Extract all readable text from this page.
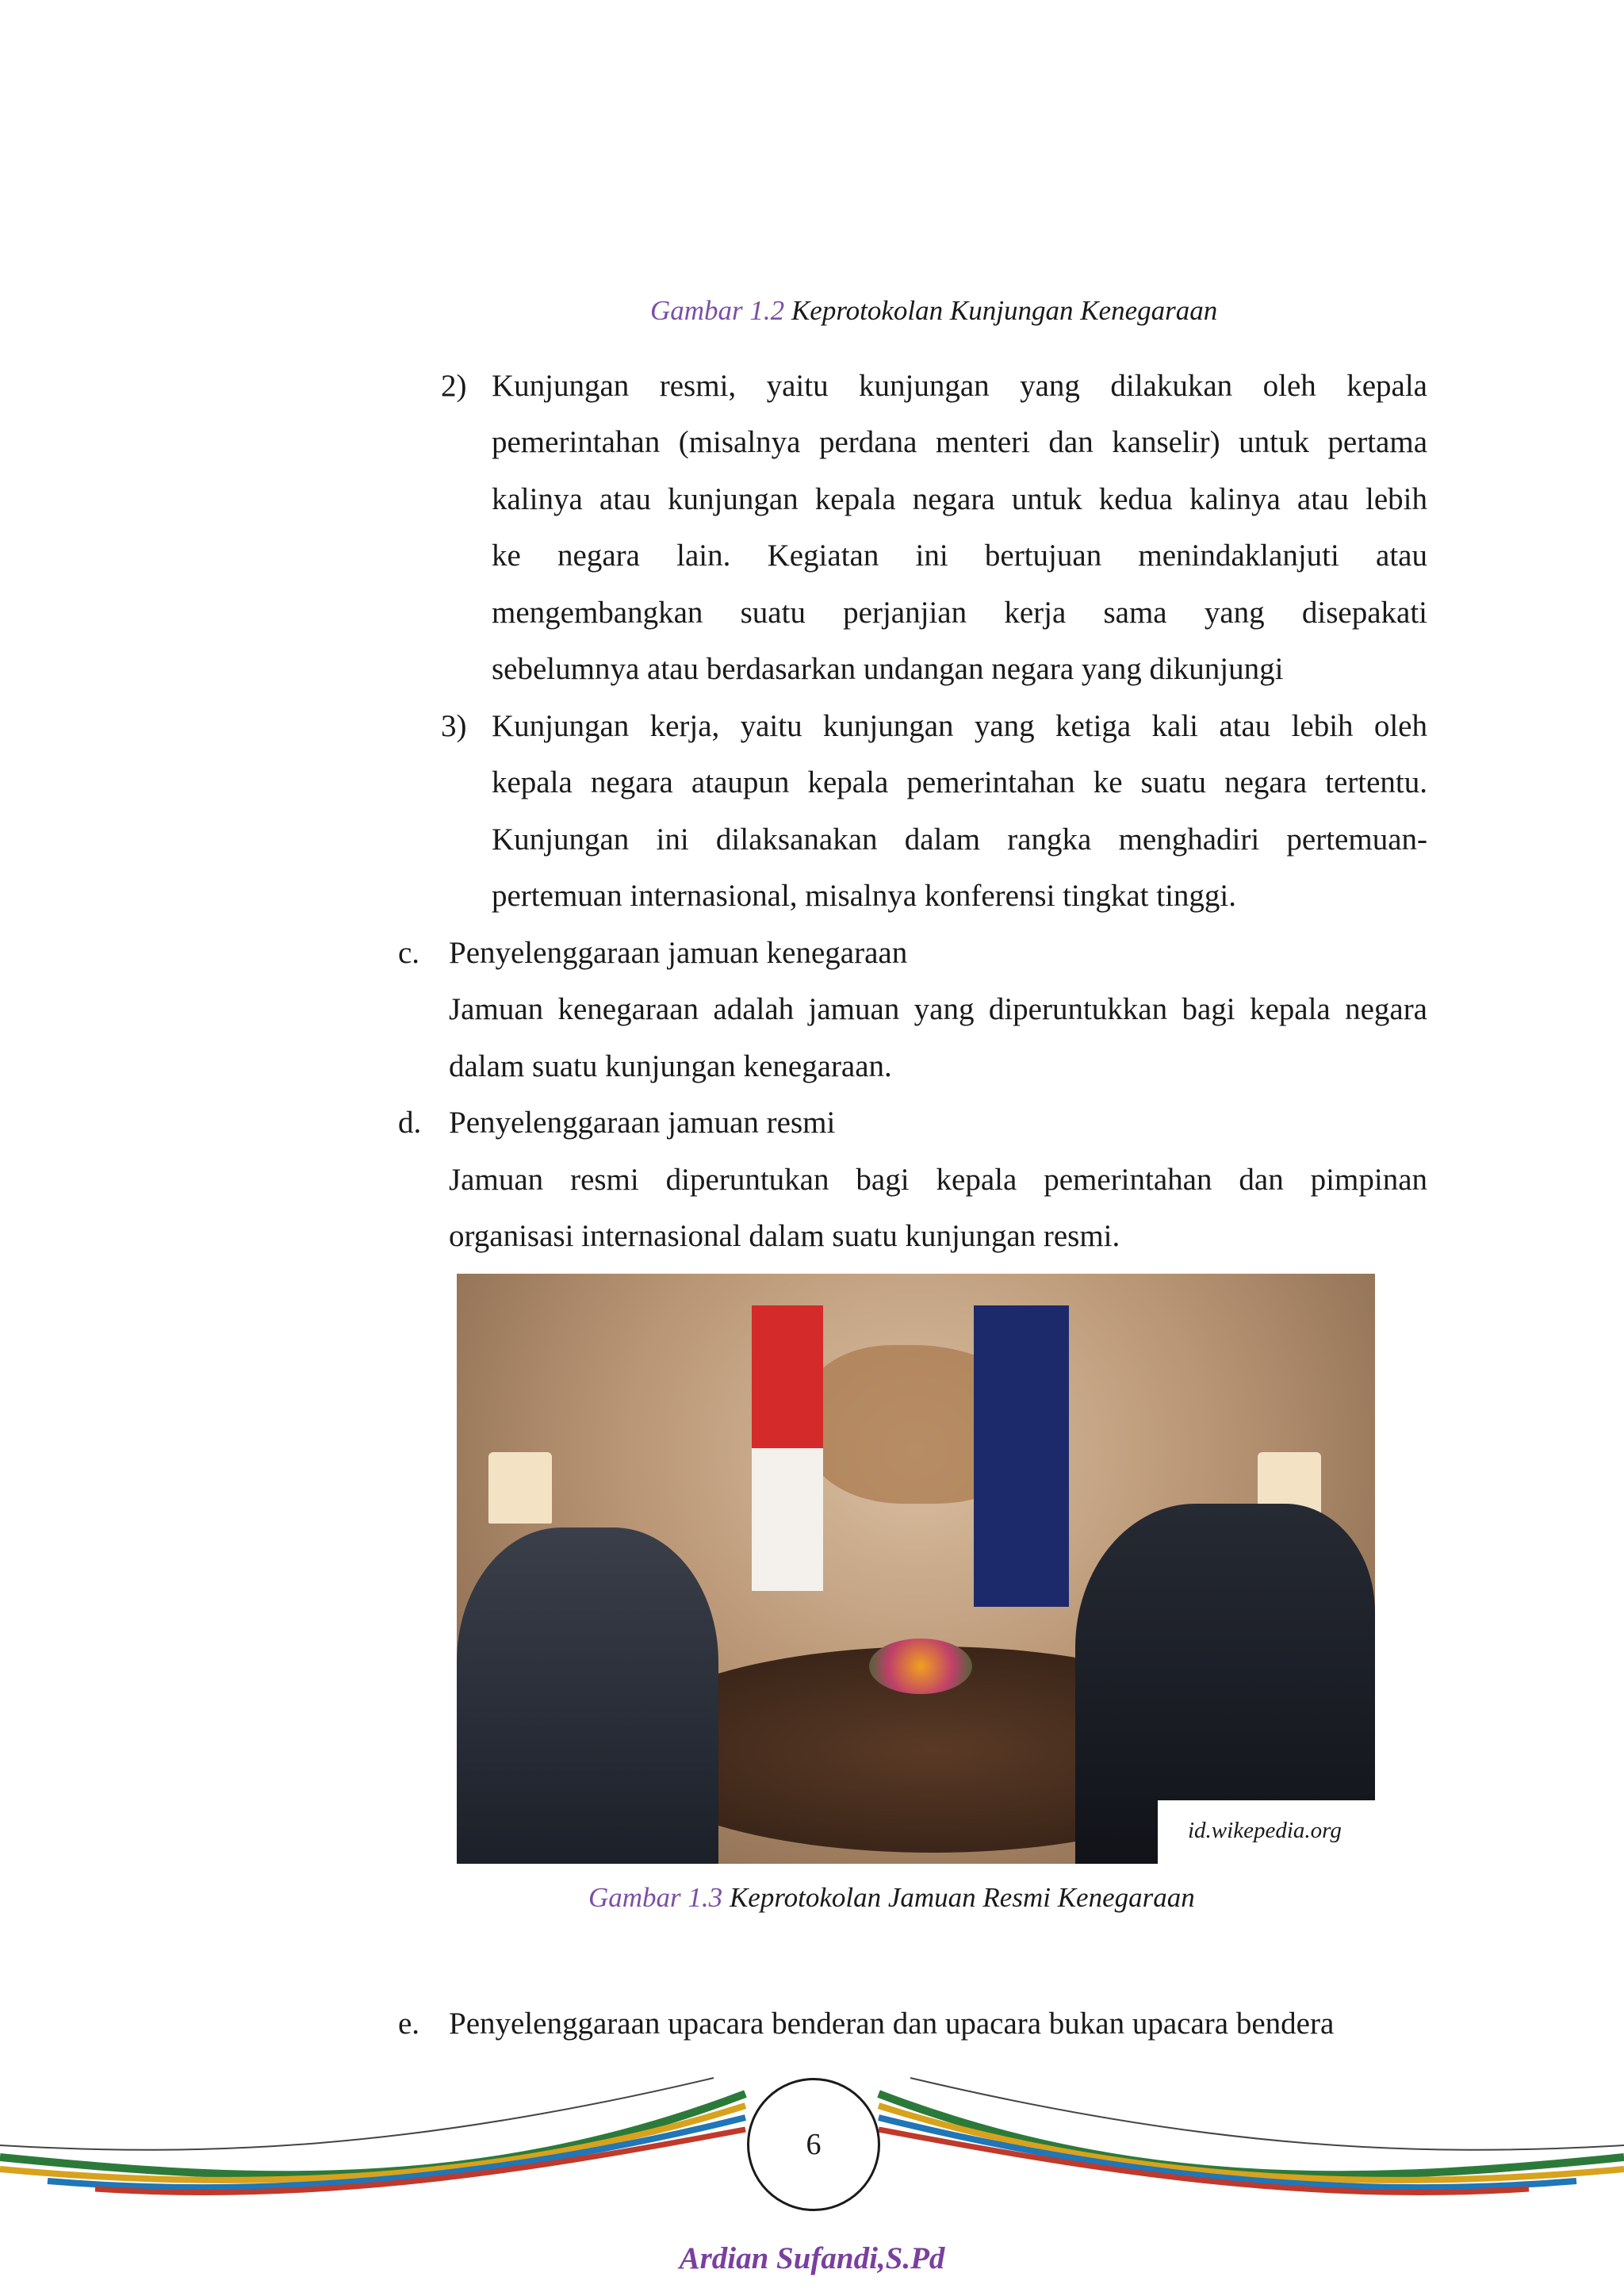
Gambar 1.2 Keprotokolan Kunjungan Kenegaraan
2) Kunjungan resmi, yaitu kunjungan yang dilakukan oleh kepala
pemerintahan (misalnya perdana menteri dan kanselir) untuk pertama
kalinya atau kunjungan kepala negara untuk kedua kalinya atau lebih
ke negara lain. Kegiatan ini bertujuan menindaklanjuti atau
mengembangkan suatu perjanjian kerja sama yang disepakati
sebelumnya atau berdasarkan undangan negara yang dikunjungi
3) Kunjungan kerja, yaitu kunjungan yang ketiga kali atau lebih oleh
kepala negara ataupun kepala pemerintahan ke suatu negara tertentu.
Kunjungan ini dilaksanakan dalam rangka menghadiri pertemuan-
pertemuan internasional, misalnya konferensi tingkat tinggi.
c. Penyelenggaraan jamuan kenegaraan
Jamuan kenegaraan adalah jamuan yang diperuntukkan bagi kepala negara
dalam suatu kunjungan kenegaraan.
d. Penyelenggaraan jamuan resmi
Jamuan resmi diperuntukan bagi kepala pemerintahan dan pimpinan
organisasi internasional dalam suatu kunjungan resmi.
id.wikepedia.org
Gambar 1.3 Keprotokolan Jamuan Resmi Kenegaraan
e. Penyelenggaraan upacara benderan dan upacara bukan upacara bendera
6
Ardian Sufandi,S.Pd
